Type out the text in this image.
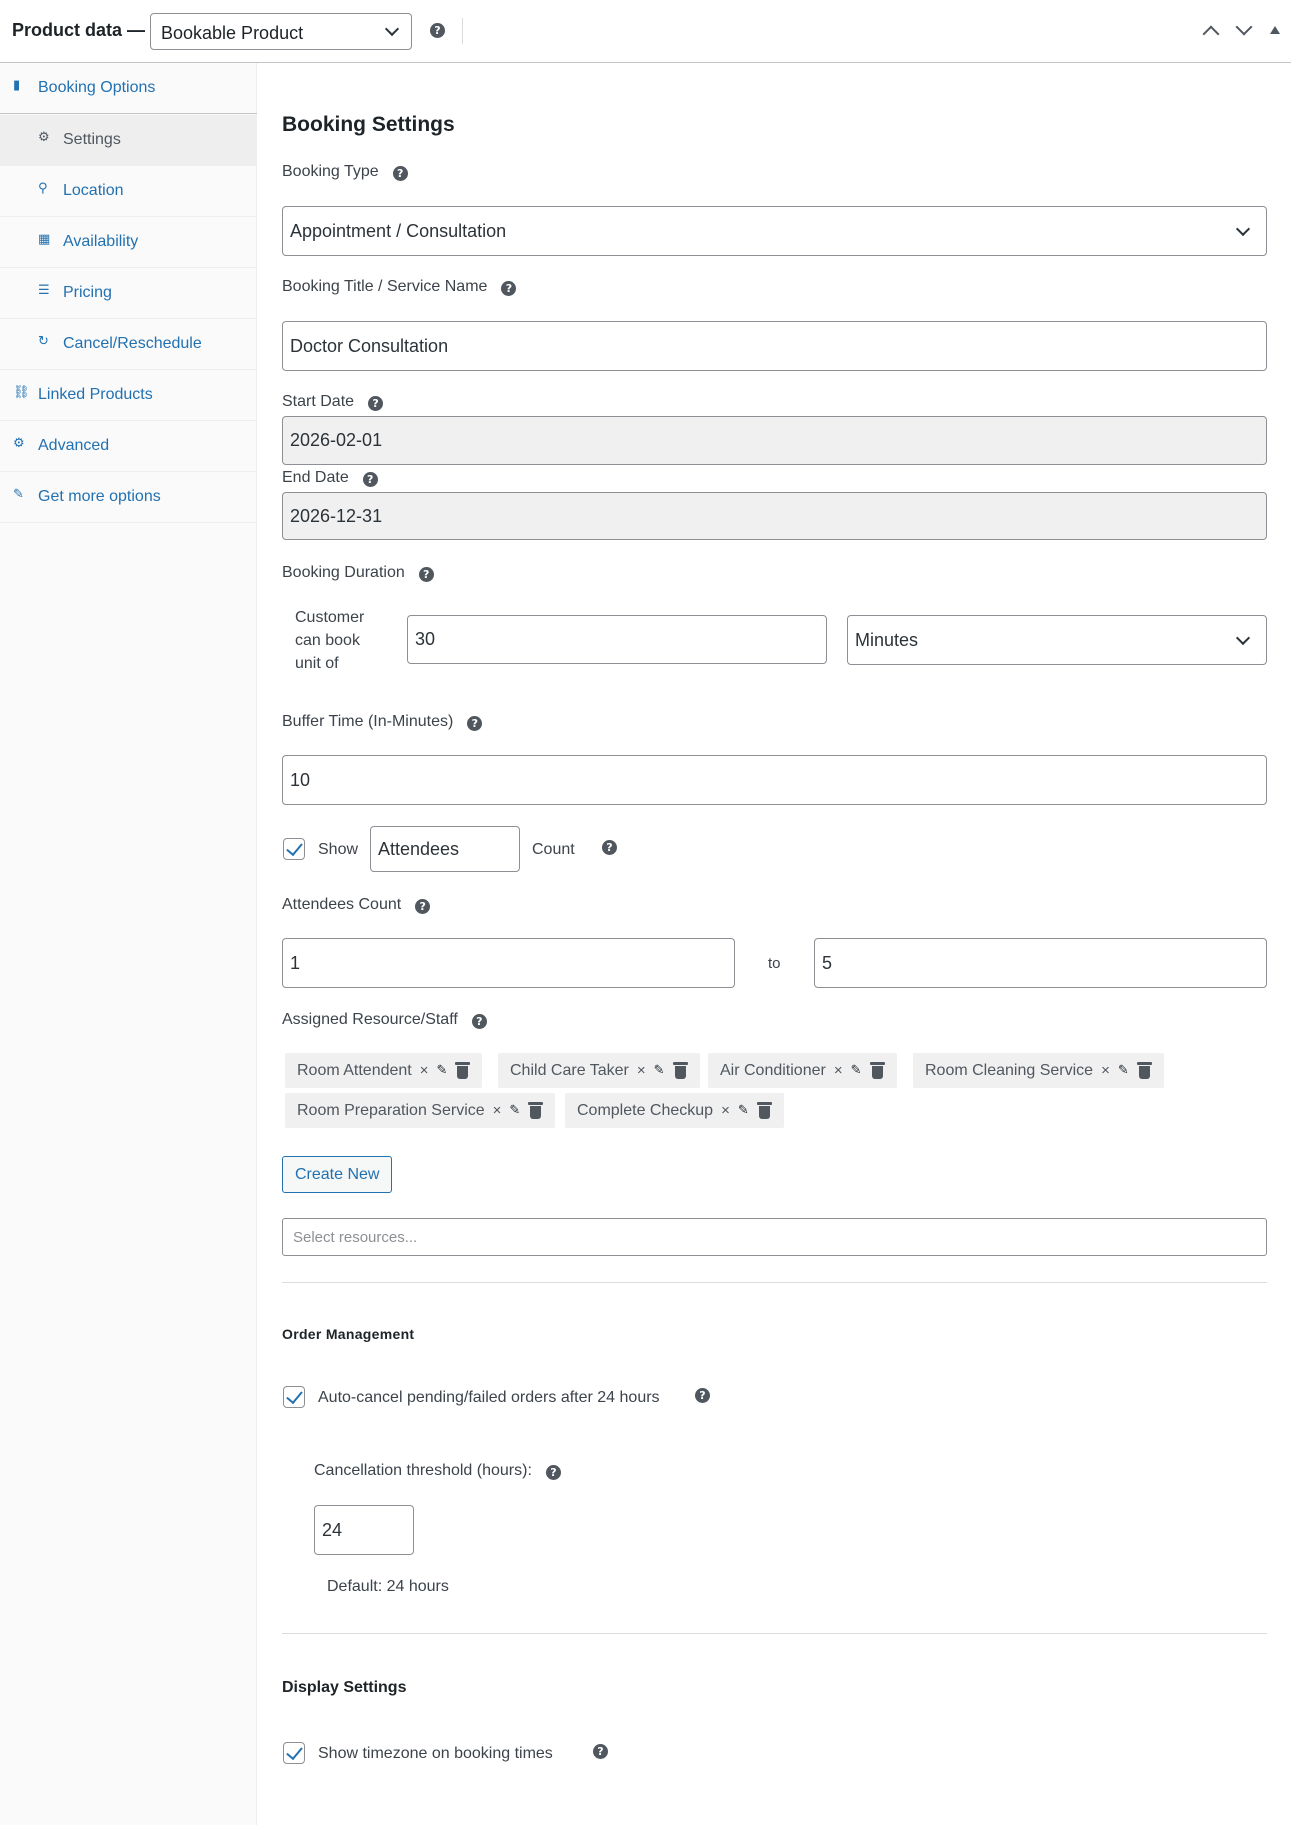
Product data — Bookable Product	?
▮	Booking Options
⚙ Settings
⚲ Location
▦ Availability
☰ Pricing
↻ Cancel/Reschedule
⛓ Linked Products
⚙ Advanced
✎ Get more options
Booking Settings
Booking Type ?
Appointment / Consultation
Booking Title / Service Name ?
Doctor Consultation
Start Date ?
2026-02-01
End Date ?
2026-12-31
Booking Duration ?
Customer
can book
unit of
30	Minutes
Buffer Time (In-Minutes) ?
10
Show Attendees	Count	?
Attendees Count ?
1	to 5
Assigned Resource/Staff ?
Room Attendent × ✎	Child Care Taker × ✎	Air Conditioner × ✎	Room Cleaning Service × ✎
Room Preparation Service × ✎	Complete Checkup × ✎
Create New
Select resources...
Order Management
Auto-cancel pending/failed orders after 24 hours	?
Cancellation threshold (hours): ?
24
Default: 24 hours
Display Settings
Show timezone on booking times	?
